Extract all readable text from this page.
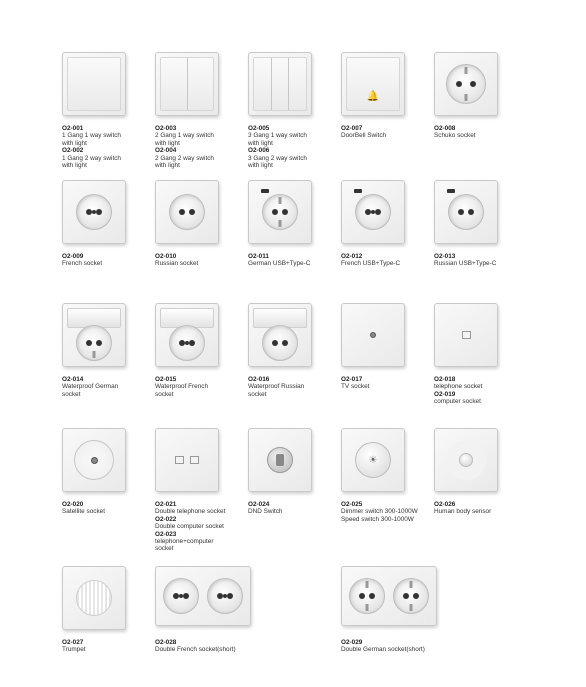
O2-001
1 Gang 1 way switch with light
O2-002
1 Gang 2 way switch with light
O2-003
2 Gang 1 way switch with light
O2-004
2 Gang 2 way switch with light
O2-005
3 Gang 1 way switch with light
O2-006
3 Gang 2 way switch with light
🔔
O2-007
DoorBell Switch
O2-008
Schuko socket
O2-009
French socket
O2-010
Russian socket
O2-011
German USB+Type-C
O2-012
French USB+Type-C
O2-013
Russian USB+Type-C
O2-014
Waterproof German socket
O2-015
Waterproof French socket
O2-016
Waterproof Russian socket
O2-017
TV socket
O2-018
telephone socket
O2-019
computer socket
O2-020
Satellite socket
O2-021
Double telephone socket
O2-022
Double computer socket
O2-023
telephone+computer socket
O2-024
DND Switch
☀
O2-025
Dimmer switch 300-1000W Speed switch 300-1000W
O2-026
Human body sensor
O2-027
Trumpet
O2-028
Double French socket(short)
O2-029
Double German socket(short)
